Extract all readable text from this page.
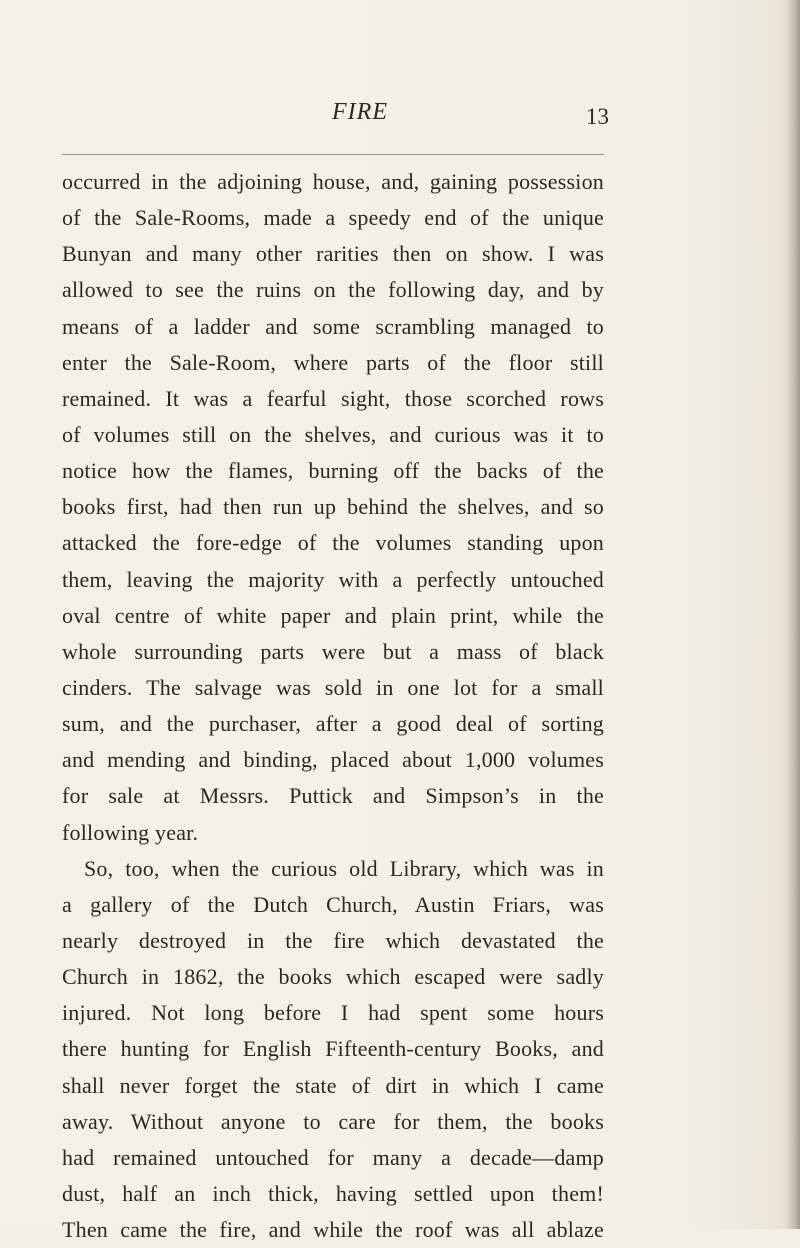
FIRE	13
occurred in the adjoining house, and, gaining possession
of the Sale-Rooms, made a speedy end of the unique
Bunyan and many other rarities then on show. I was
allowed to see the ruins on the following day, and by
means of a ladder and some scrambling managed to
enter the Sale-Room, where parts of the floor still
remained. It was a fearful sight, those scorched rows
of volumes still on the shelves, and curious was it to
notice how the flames, burning off the backs of the
books first, had then run up behind the shelves, and so
attacked the fore-edge of the volumes standing upon
them, leaving the majority with a perfectly untouched
oval centre of white paper and plain print, while the
whole surrounding parts were but a mass of black
cinders. The salvage was sold in one lot for a small
sum, and the purchaser, after a good deal of sorting
and mending and binding, placed about 1,000 volumes
for sale at Messrs. Puttick and Simpson’s in the
following year.
So, too, when the curious old Library, which was in
a gallery of the Dutch Church, Austin Friars, was
nearly destroyed in the fire which devastated the
Church in 1862, the books which escaped were sadly
injured. Not long before I had spent some hours
there hunting for English Fifteenth-century Books, and
shall never forget the state of dirt in which I came
away. Without anyone to care for them, the books
had remained untouched for many a decade—damp
dust, half an inch thick, having settled upon them!
Then came the fire, and while the roof was all ablaze
